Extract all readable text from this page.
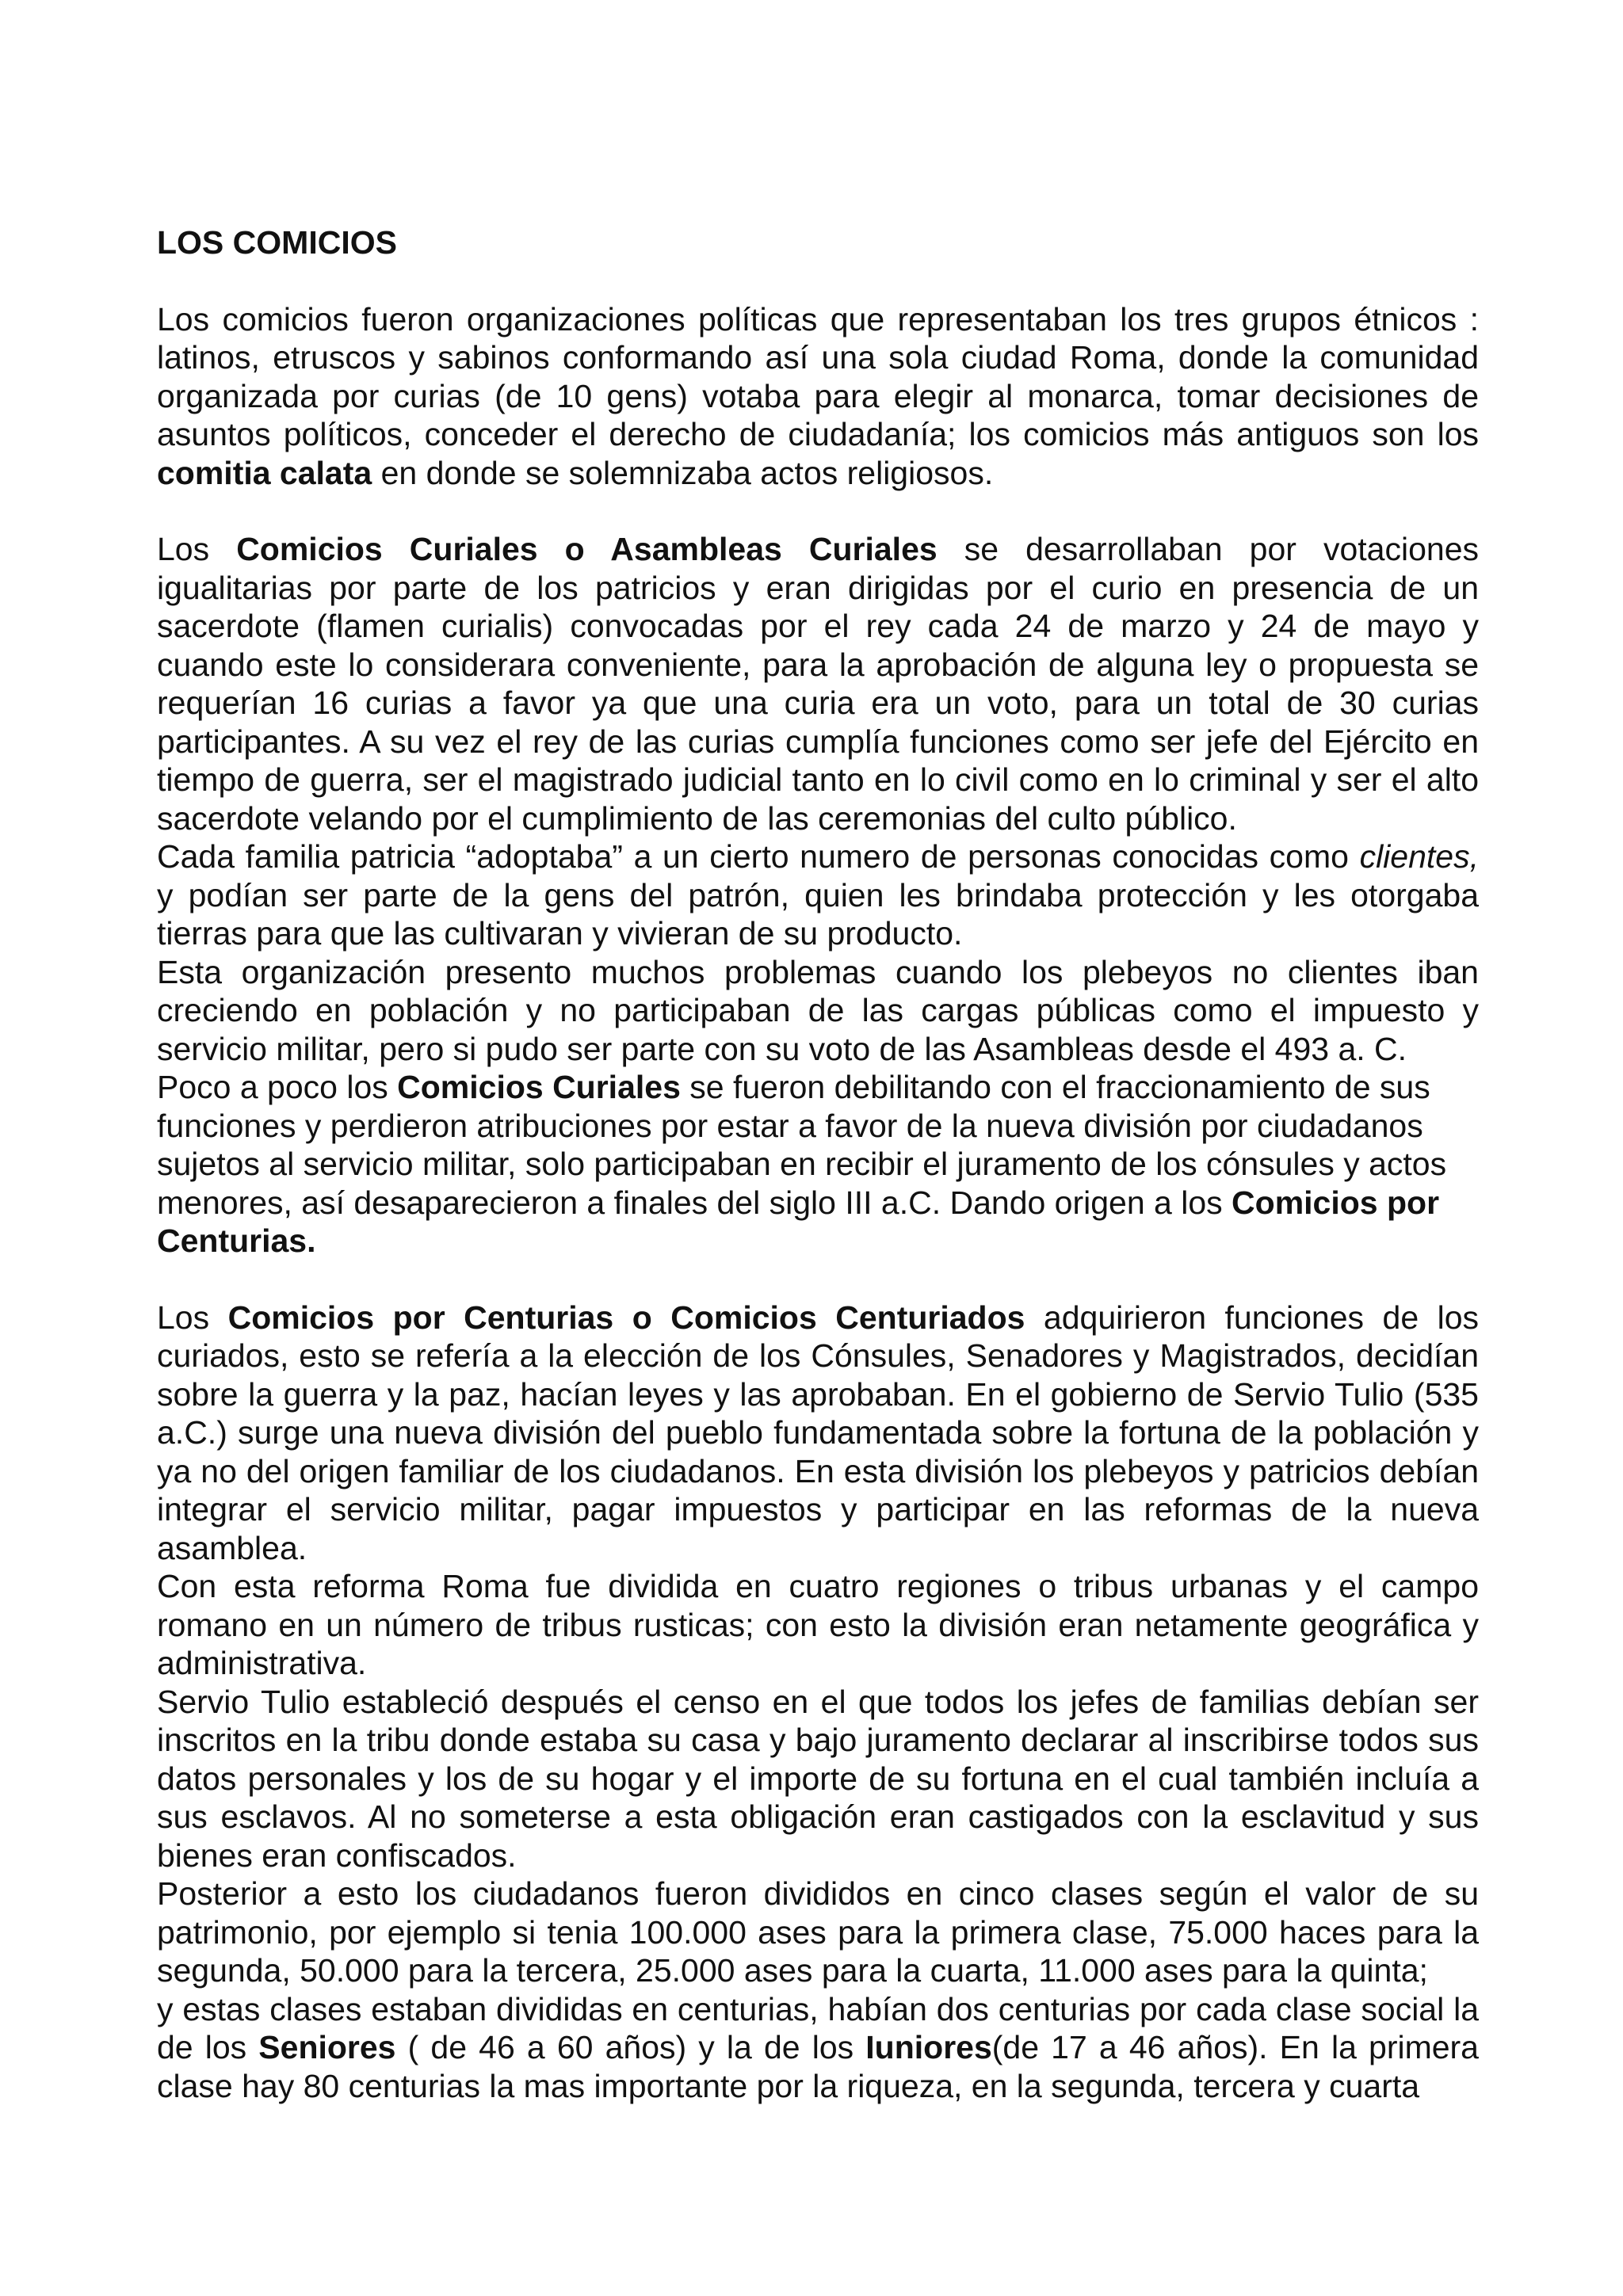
LOS COMICIOS

Los comicios fueron organizaciones políticas que representaban los tres grupos étnicos : latinos, etruscos y sabinos conformando así una sola ciudad Roma, donde la comunidad organizada por curias (de 10 gens) votaba para elegir al monarca, tomar decisiones de asuntos políticos, conceder el derecho de ciudadanía; los comicios más antiguos son los comitia calata en donde se solemnizaba actos religiosos.

Los Comicios Curiales o Asambleas Curiales se desarrollaban por votaciones igualitarias por parte de los patricios y eran dirigidas por el curio en presencia de un sacerdote (flamen curialis) convocadas por el rey cada 24 de marzo y 24 de mayo y cuando este lo considerara conveniente, para la aprobación de alguna ley o propuesta se requerían 16 curias a favor ya que una curia era un voto, para un total de 30 curias participantes. A su vez el rey de las curias cumplía funciones como ser jefe del Ejército en tiempo de guerra, ser el magistrado judicial tanto en lo civil como en lo criminal y ser el alto sacerdote velando por el cumplimiento de las ceremonias del culto público.

Cada familia patricia “adoptaba” a un cierto numero de personas conocidas como clientes, y podían ser parte de la gens del patrón, quien les brindaba protección y les otorgaba tierras para que las cultivaran y vivieran de su producto.

Esta organización presento muchos problemas cuando los plebeyos no clientes iban creciendo en población y no participaban de las cargas públicas como el impuesto y servicio militar, pero si pudo ser parte con su voto de las Asambleas desde el 493 a. C.

Poco a poco los Comicios Curiales se fueron debilitando con el fraccionamiento de sus funciones y perdieron atribuciones por estar a favor de la nueva división por ciudadanos sujetos al servicio militar, solo participaban en recibir el juramento de los cónsules y actos menores, así desaparecieron a finales del siglo III a.C. Dando origen a los Comicios por Centurias.

Los Comicios por Centurias o Comicios Centuriados adquirieron funciones de los curiados, esto se refería a la elección de los Cónsules, Senadores y Magistrados, decidían sobre la guerra y la paz, hacían leyes y las aprobaban. En el gobierno de Servio Tulio (535 a.C.) surge una nueva división del pueblo fundamentada sobre la fortuna de la población y ya no del origen familiar de los ciudadanos. En esta división los plebeyos y patricios debían integrar el servicio militar, pagar impuestos y participar en las reformas de la nueva asamblea.

Con esta reforma Roma fue dividida en cuatro regiones o tribus urbanas y el campo romano en un número de tribus rusticas; con esto la división eran netamente geográfica y administrativa.

Servio Tulio estableció después el censo en el que todos los jefes de familias debían ser inscritos en la tribu donde estaba su casa y bajo juramento declarar al inscribirse todos sus datos personales y los de su hogar y el importe de su fortuna en el cual también incluía a sus esclavos. Al no someterse a esta obligación eran castigados con la esclavitud y sus bienes eran confiscados.

Posterior a esto los ciudadanos fueron divididos en cinco clases según el valor de su patrimonio, por ejemplo si tenia 100.000 ases para la primera clase, 75.000 haces para la segunda, 50.000 para la tercera, 25.000 ases para la cuarta, 11.000 ases para la quinta;

y estas clases estaban divididas en centurias, habían dos centurias por cada clase social la de los Seniores ( de 46 a 60 años) y la de los Iuniores(de 17 a 46 años). En la primera clase hay 80 centurias la mas importante por la riqueza, en la segunda, tercera y cuarta
